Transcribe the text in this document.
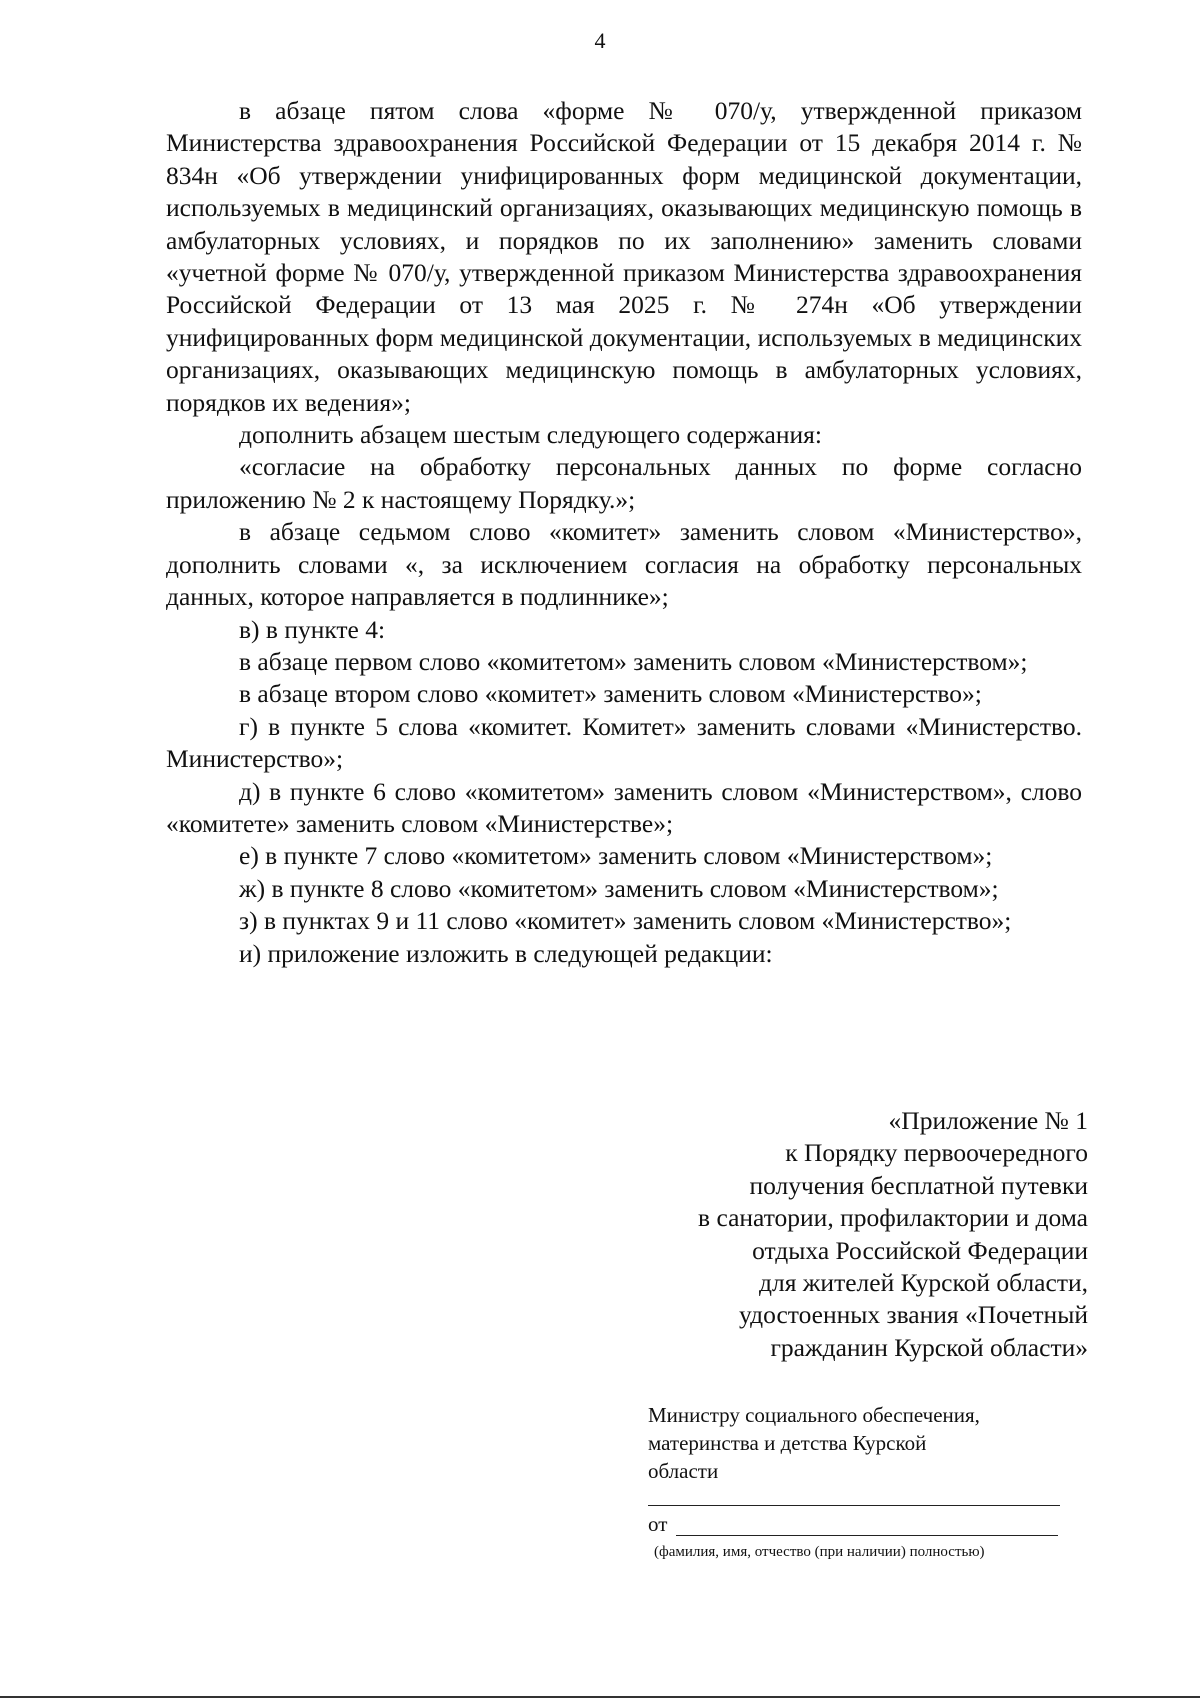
4

в абзаце пятом слова «форме № 070/у, утвержденной приказом Министерства здравоохранения Российской Федерации от 15 декабря 2014 г. № 834н «Об утверждении унифицированных форм медицинской документации, используемых в медицинский организациях, оказывающих медицинскую помощь в амбулаторных условиях, и порядков по их заполнению» заменить словами «учетной форме № 070/у, утвержденной приказом Министерства здравоохранения Российской Федерации от 13 мая 2025 г. № 274н «Об утверждении унифицированных форм медицинской документации, используемых в медицинских организациях, оказывающих медицинскую помощь в амбулаторных условиях, порядков их ведения»;

дополнить абзацем шестым следующего содержания:

«согласие на обработку персональных данных по форме согласно приложению № 2 к настоящему Порядку.»;

в абзаце седьмом слово «комитет» заменить словом «Министерство», дополнить словами «, за исключением согласия на обработку персональных данных, которое направляется в подлиннике»;

в) в пункте 4:

в абзаце первом слово «комитетом» заменить словом «Министерством»;

в абзаце втором слово «комитет» заменить словом «Министерство»;

г) в пункте 5 слова «комитет. Комитет» заменить словами «Министерство. Министерство»;

д) в пункте 6 слово «комитетом» заменить словом «Министерством», слово «комитете» заменить словом «Министерстве»;

е) в пункте 7 слово «комитетом» заменить словом «Министерством»;

ж) в пункте 8 слово «комитетом» заменить словом «Министерством»;

з) в пунктах 9 и 11 слово «комитет» заменить словом «Министерство»;

и) приложение изложить в следующей редакции:

«Приложение № 1
к Порядку первоочередного
получения бесплатной путевки
в санатории, профилактории и дома
отдыха Российской Федерации
для жителей Курской области,
удостоенных звания «Почетный
гражданин Курской области»
Министру социального обеспечения,
материнства и детства Курской
области
от
(фамилия, имя, отчество (при наличии) полностью)
